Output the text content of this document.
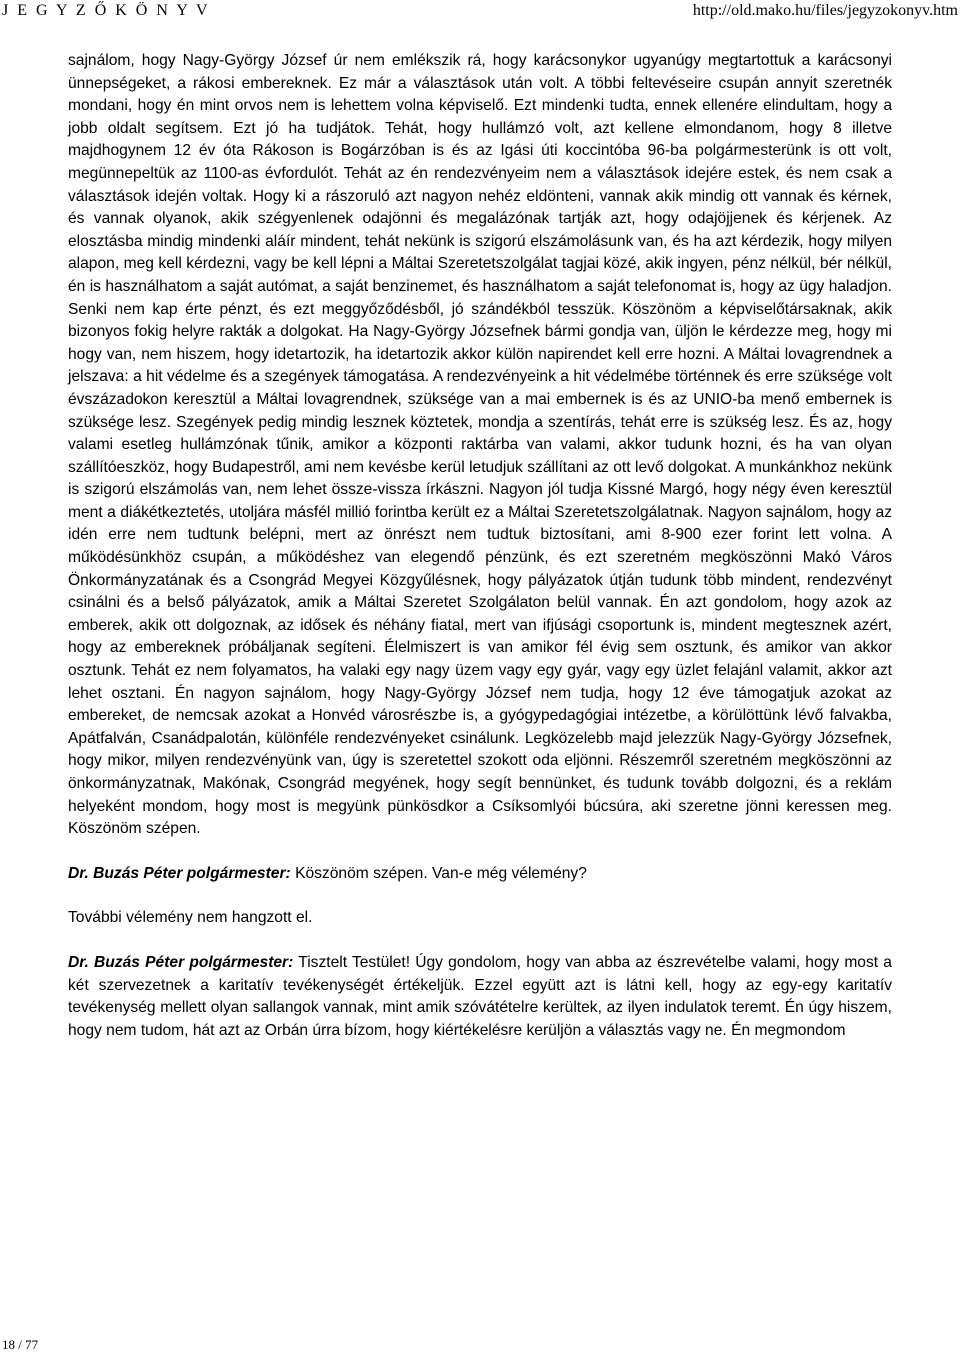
J E G Y Z Ő K Ö N Y V	http://old.mako.hu/files/jegyzokonyv.htm

sajnálom, hogy Nagy-György József úr nem emlékszik rá, hogy karácsonykor ugyanúgy megtartottuk a karácsonyi ünnepségeket, a rákosi embereknek. Ez már a választások után volt. A többi feltevéseire csupán annyit szeretnék mondani, hogy én mint orvos nem is lehettem volna képviselő. Ezt mindenki tudta, ennek ellenére elindultam, hogy a jobb oldalt segítsem. Ezt jó ha tudjátok. Tehát, hogy hullámzó volt, azt kellene elmondanom, hogy 8 illetve majdhogynem 12 év óta Rákoson is Bogárzóban is és az Igási úti koccintóba 96-ba polgármesterünk is ott volt, megünnepeltük az 1100-as évfordulót. Tehát az én rendezvényeim nem a választások idejére estek, és nem csak a választások idején voltak. Hogy ki a rászoruló azt nagyon nehéz eldönteni, vannak akik mindig ott vannak és kérnek, és vannak olyanok, akik szégyenlenek odajönni és megalázónak tartják azt, hogy odajöjjenek és kérjenek. Az elosztásba mindig mindenki aláír mindent, tehát nekünk is szigorú elszámolásunk van, és ha azt kérdezik, hogy milyen alapon, meg kell kérdezni, vagy be kell lépni a Máltai Szeretetszolgálat tagjai közé, akik ingyen, pénz nélkül, bér nélkül, én is használhatom a saját autómat, a saját benzinemet, és használhatom a saját telefonomat is, hogy az ügy haladjon. Senki nem kap érte pénzt, és ezt meggyőződésből, jó szándékból tesszük. Köszönöm a képviselőtársaknak, akik bizonyos fokig helyre rakták a dolgokat. Ha Nagy-György Józsefnek bármi gondja van, üljön le kérdezze meg, hogy mi hogy van, nem hiszem, hogy idetartozik, ha idetartozik akkor külön napirendet kell erre hozni. A Máltai lovagrendnek a jelszava: a hit védelme és a szegények támogatása. A rendezvényeink a hit védelmébe történnek és erre szüksége volt évszázadokon keresztül a Máltai lovagrendnek, szüksége van a mai embernek is és az UNIO-ba menő embernek is szüksége lesz. Szegények pedig mindig lesznek köztetek, mondja a szentírás, tehát erre is szükség lesz. És az, hogy valami esetleg hullámzónak tűnik, amikor a központi raktárba van valami, akkor tudunk hozni, és ha van olyan szállítóeszköz, hogy Budapestről, ami nem kevésbe kerül letudjuk szállítani az ott levő dolgokat. A munkánkhoz nekünk is szigorú elszámolás van, nem lehet össze-vissza írkászni. Nagyon jól tudja Kissné Margó, hogy négy éven keresztül ment a diákétkeztetés, utoljára másfél millió forintba került ez a Máltai Szeretetszolgálatnak. Nagyon sajnálom, hogy az idén erre nem tudtunk belépni, mert az önrészt nem tudtuk biztosítani, ami 8-900 ezer forint lett volna. A működésünkhöz csupán, a működéshez van elegendő pénzünk, és ezt szeretném megköszönni Makó Város Önkormányzatának és a Csongrád Megyei Közgyűlésnek, hogy pályázatok útján tudunk több mindent, rendezvényt csinálni és a belső pályázatok, amik a Máltai Szeretet Szolgálaton belül vannak. Én azt gondolom, hogy azok az emberek, akik ott dolgoznak, az idősek és néhány fiatal, mert van ifjúsági csoportunk is, mindent megtesznek azért, hogy az embereknek próbáljanak segíteni. Élelmiszert is van amikor fél évig sem osztunk, és amikor van akkor osztunk. Tehát ez nem folyamatos, ha valaki egy nagy üzem vagy egy gyár, vagy egy üzlet felajánl valamit, akkor azt lehet osztani. Én nagyon sajnálom, hogy Nagy-György József nem tudja, hogy 12 éve támogatjuk azokat az embereket, de nemcsak azokat a Honvéd városrészbe is, a gyógypedagógiai intézetbe, a körülöttünk lévő falvakba, Apátfalván, Csanádpalotán, különféle rendezvényeket csinálunk. Legközelebb majd jelezzük Nagy-György Józsefnek, hogy mikor, milyen rendezvényünk van, úgy is szeretettel szokott oda eljönni. Részemről szeretném megköszönni az önkormányzatnak, Makónak, Csongrád megyének, hogy segít bennünket, és tudunk tovább dolgozni, és a reklám helyeként mondom, hogy most is megyünk pünkösdkor a Csíksomlyói búcsúra, aki szeretne jönni keressen meg. Köszönöm szépen.

Dr. Buzás Péter polgármester: Köszönöm szépen. Van-e még vélemény?

További vélemény nem hangzott el.

Dr. Buzás Péter polgármester: Tisztelt Testület! Úgy gondolom, hogy van abba az észrevételbe valami, hogy most a két szervezetnek a karitatív tevékenységét értékeljük. Ezzel együtt azt is látni kell, hogy az egy-egy karitatív tevékenység mellett olyan sallangok vannak, mint amik szóvátételre kerültek, az ilyen indulatok teremt. Én úgy hiszem, hogy nem tudom, hát azt az Orbán úrra bízom, hogy kiértékelésre kerüljön a választás vagy ne. Én megmondom

18 / 77
